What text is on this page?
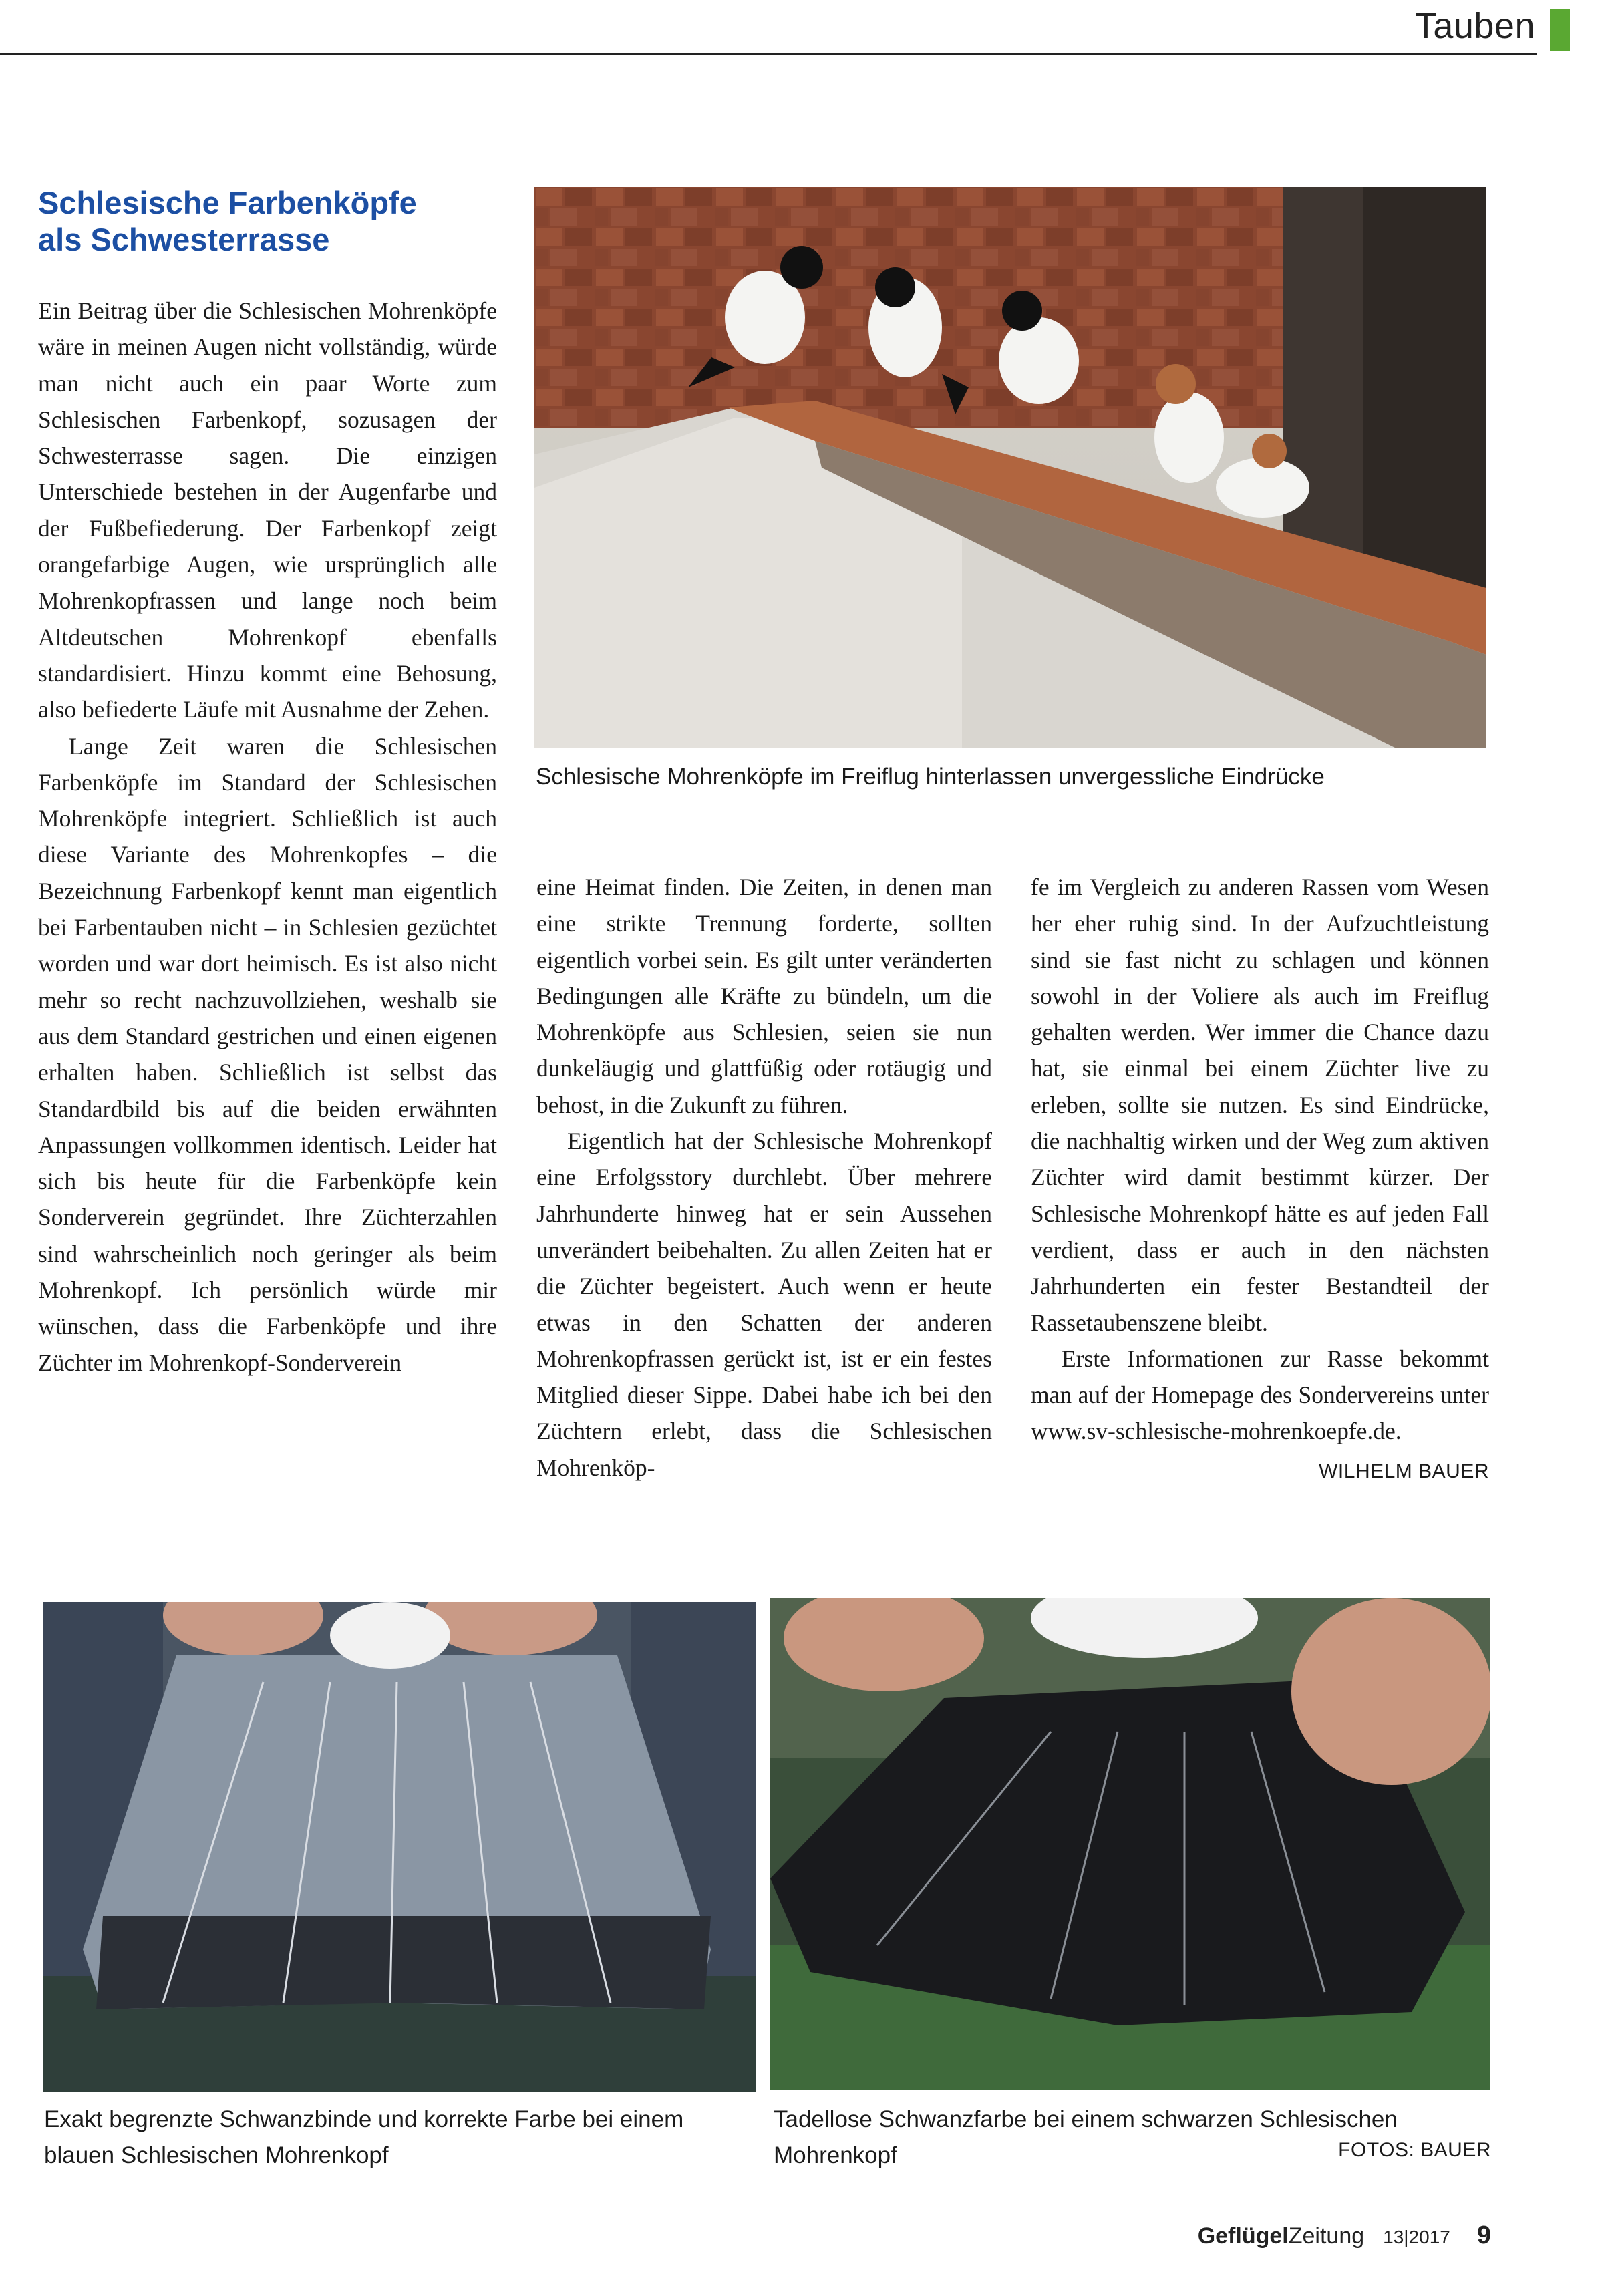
Tauben
Schlesische Farbenköpfe
als Schwesterrasse

Ein Beitrag über die Schlesischen Mohrenköpfe wäre in meinen Augen nicht vollständig, würde man nicht auch ein paar Worte zum Schlesischen Farbenkopf, sozusagen der Schwesterrasse sagen. Die einzigen Unterschiede bestehen in der Augenfarbe und der Fußbefiederung. Der Farbenkopf zeigt orangefarbige Augen, wie ursprünglich alle Mohrenkopfrassen und lange noch beim Altdeutschen Mohrenkopf ebenfalls standardisiert. Hinzu kommt eine Behosung, also befiederte Läufe mit Ausnahme der Zehen.

Lange Zeit waren die Schlesischen Farbenköpfe im Standard der Schlesischen Mohrenköpfe integriert. Schließlich ist auch diese Variante des Mohrenkopfes – die Bezeichnung Farbenkopf kennt man eigentlich bei Farbentauben nicht – in Schlesien gezüchtet worden und war dort heimisch. Es ist also nicht mehr so recht nachzuvollziehen, weshalb sie aus dem Standard gestrichen und einen eigenen erhalten haben. Schließlich ist selbst das Standardbild bis auf die beiden erwähnten Anpassungen vollkommen identisch. Leider hat sich bis heute für die Farbenköpfe kein Sonderverein gegründet. Ihre Züchterzahlen sind wahrscheinlich noch geringer als beim Mohrenkopf. Ich persönlich würde mir wünschen, dass die Farbenköpfe und ihre Züchter im Mohrenkopf-Sonderverein

Schlesische Mohrenköpfe im Freiflug hinterlassen unvergessliche Eindrücke

eine Heimat finden. Die Zeiten, in denen man eine strikte Trennung forderte, sollten eigentlich vorbei sein. Es gilt unter veränderten Bedingungen alle Kräfte zu bündeln, um die Mohrenköpfe aus Schlesien, seien sie nun dunkeläugig und glattfüßig oder rotäugig und behost, in die Zukunft zu führen.

Eigentlich hat der Schlesische Mohrenkopf eine Erfolgsstory durchlebt. Über mehrere Jahrhunderte hinweg hat er sein Aussehen unverändert beibehalten. Zu allen Zeiten hat er die Züchter begeistert. Auch wenn er heute etwas in den Schatten der anderen Mohrenkopfrassen gerückt ist, ist er ein festes Mitglied dieser Sippe. Dabei habe ich bei den Züchtern erlebt, dass die Schlesischen Mohrenköp-

fe im Vergleich zu anderen Rassen vom Wesen her eher ruhig sind. In der Aufzuchtleistung sind sie fast nicht zu schlagen und können sowohl in der Voliere als auch im Freiflug gehalten werden. Wer immer die Chance dazu hat, sie einmal bei einem Züchter live zu erleben, sollte sie nutzen. Es sind Eindrücke, die nachhaltig wirken und der Weg zum aktiven Züchter wird damit bestimmt kürzer. Der Schlesische Mohrenkopf hätte es auf jeden Fall verdient, dass er auch in den nächsten Jahrhunderten ein fester Bestandteil der Rassetaubenszene bleibt.

Erste Informationen zur Rasse bekommt man auf der Homepage des Sondervereins unter www.sv-schlesische-mohrenkoepfe.de.
WILHELM BAUER

Exakt begrenzte Schwanzbinde und korrekte Farbe bei einem blauen Schlesischen Mohrenkopf
Tadellose Schwanzfarbe bei einem schwarzen Schlesischen Mohrenkopf	FOTOS: BAUER
GeflügelZeitung 13|2017 9
